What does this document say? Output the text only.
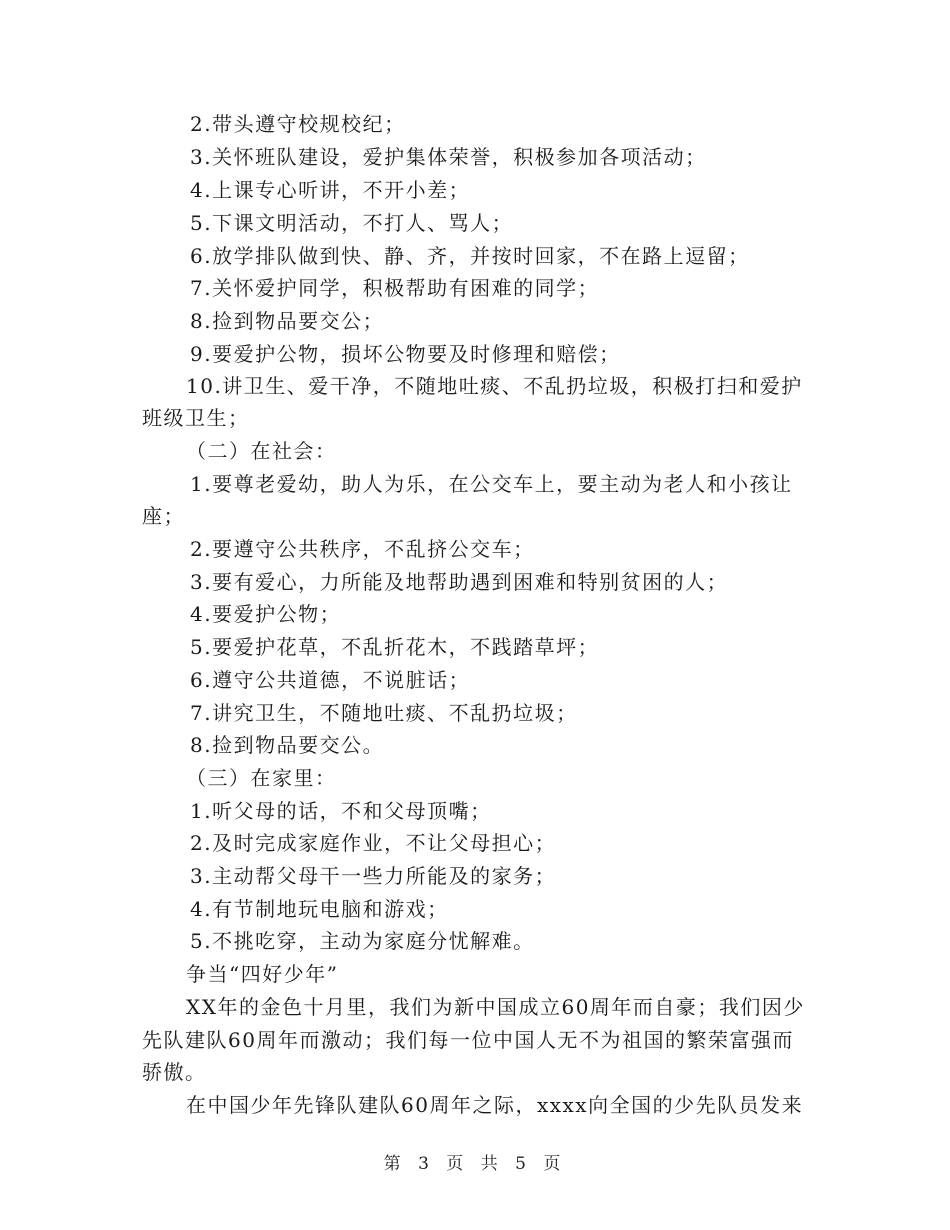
2.带头遵守校规校纪；
3.关怀班队建设，爱护集体荣誉，积极参加各项活动；
4.上课专心听讲，不开小差；
5.下课文明活动，不打人、骂人；
6.放学排队做到快、静、齐，并按时回家，不在路上逗留；
7.关怀爱护同学，积极帮助有困难的同学；
8.捡到物品要交公；
9.要爱护公物，损坏公物要及时修理和赔偿；
10.讲卫生、爱干净，不随地吐痰、不乱扔垃圾，积极打扫和爱护
班级卫生；
（二）在社会：
1.要尊老爱幼，助人为乐，在公交车上，要主动为老人和小孩让
座；
2.要遵守公共秩序，不乱挤公交车；
3.要有爱心，力所能及地帮助遇到困难和特别贫困的人；
4.要爱护公物；
5.要爱护花草，不乱折花木，不践踏草坪；
6.遵守公共道德，不说脏话；
7.讲究卫生，不随地吐痰、不乱扔垃圾；
8.捡到物品要交公。
（三）在家里：
1.听父母的话，不和父母顶嘴；
2.及时完成家庭作业，不让父母担心；
3.主动帮父母干一些力所能及的家务；
4.有节制地玩电脑和游戏；
5.不挑吃穿，主动为家庭分忧解难。
争当“四好少年”
XX年的金色十月里，我们为新中国成立60周年而自豪；我们因少
先队建队60周年而激动；我们每一位中国人无不为祖国的繁荣富强而
骄傲。
在中国少年先锋队建队60周年之际，xxxx向全国的少先队员发来
第 3 页 共 5 页
